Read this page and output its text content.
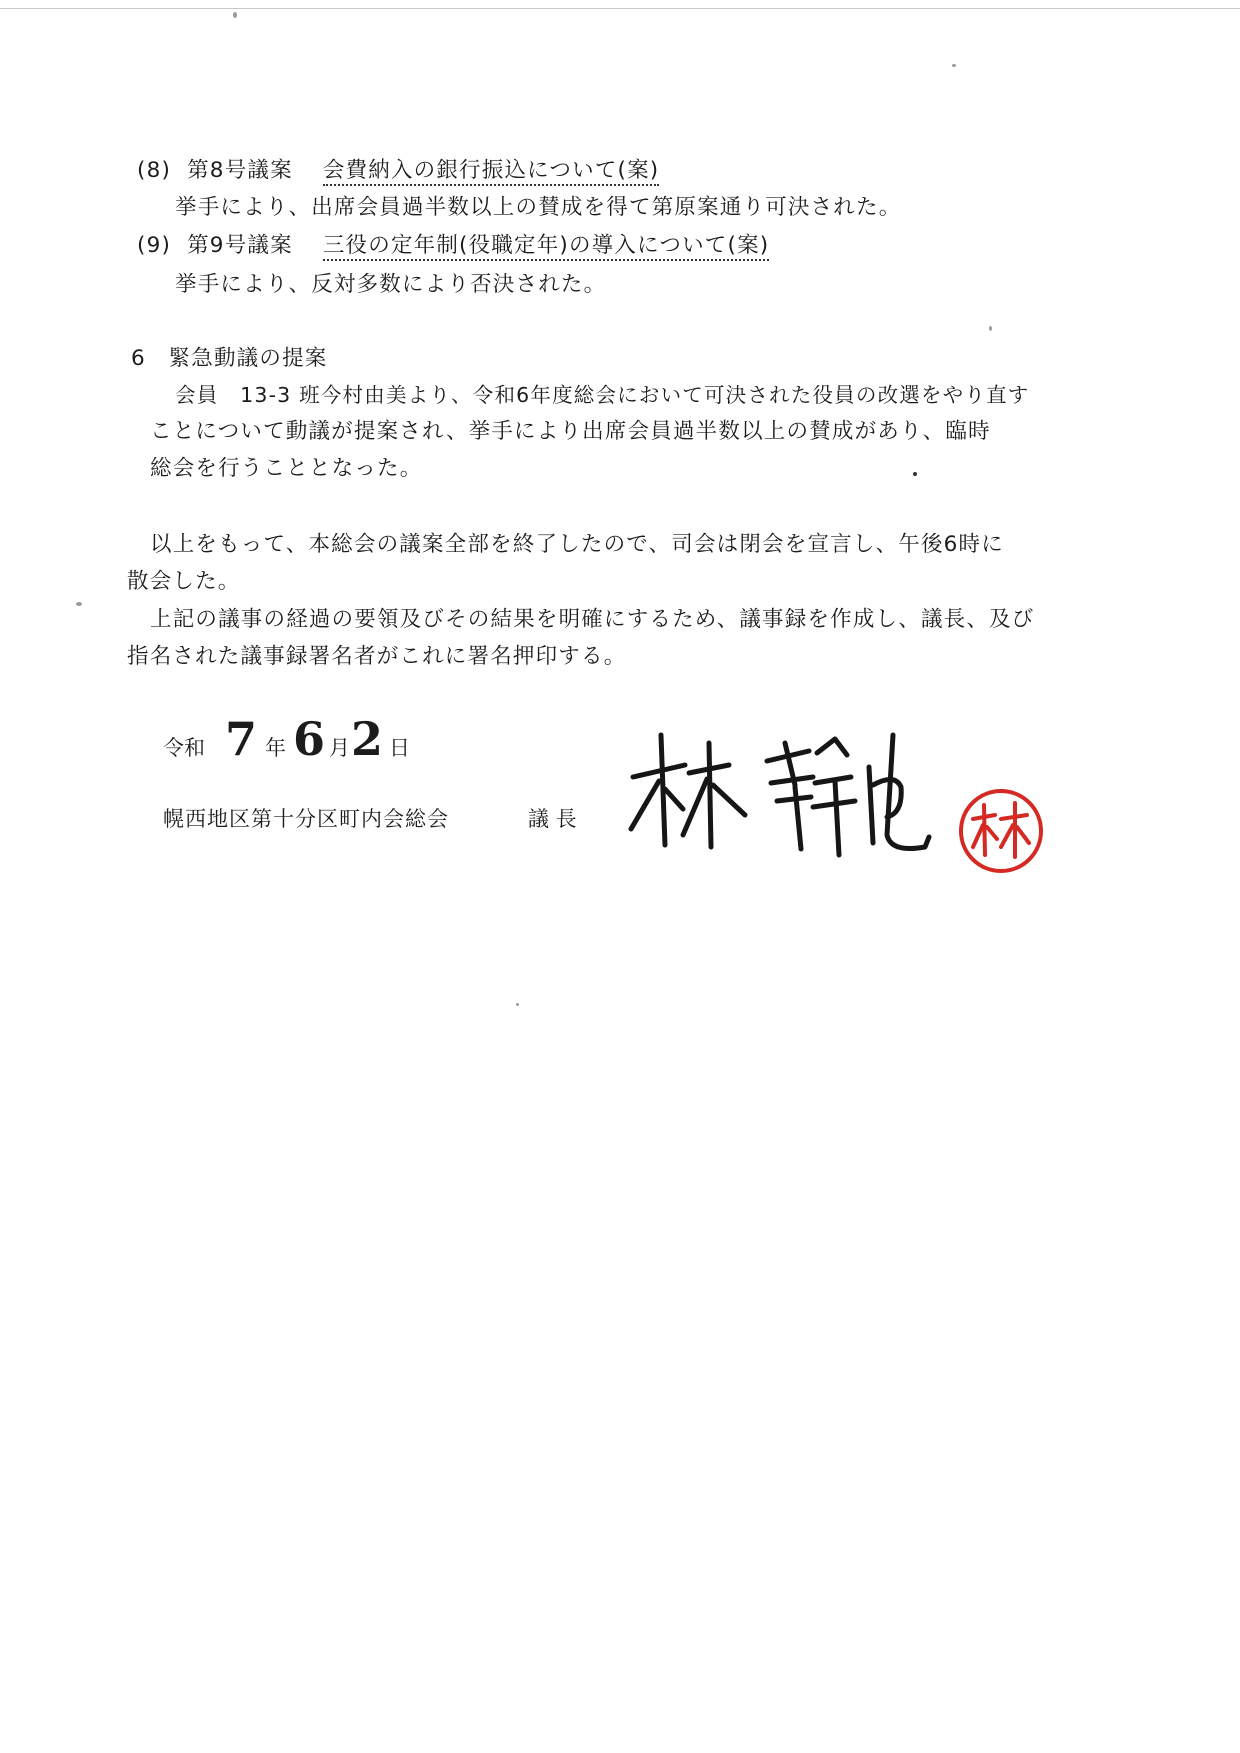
(8) 第8号議案 会費納入の銀行振込について(案)
挙手により、出席会員過半数以上の賛成を得て第原案通り可決された。
(9) 第9号議案 三役の定年制(役職定年)の導入について(案)
挙手により、反対多数により否決された。
6　緊急動議の提案
会員　13-3 班今村由美より、令和6年度総会において可決された役員の改選をやり直す
ことについて動議が提案され、挙手により出席会員過半数以上の賛成があり、臨時
総会を行うこととなった。
以上をもって、本総会の議案全部を終了したので、司会は閉会を宣言し、午後6時に
散会した。
上記の議事の経過の要領及びその結果を明確にするため、議事録を作成し、議長、及び
指名された議事録署名者がこれに署名押印する。
令和 7 年 6 月 2 日
幌西地区第十分区町内会総会	議 長
